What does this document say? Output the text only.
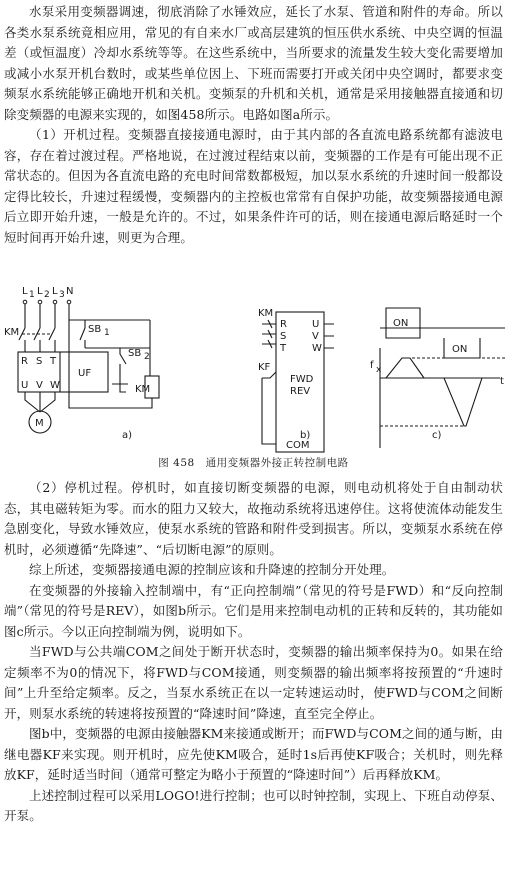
水泵采用变频器调速，彻底消除了水锤效应，延长了水泵、管道和附件的寿命。所以各类水泵系统竟相应用，常见的有自来水厂或高层建筑的恒压供水系统、中央空调的恒温差（或恒温度）冷却水系统等等。在这些系统中，当所要求的流量发生较大变化需要增加或减小水泵开机台数时，或某些单位因上、下班而需要打开或关闭中央空调时，都要求变频泵水系统能够正确地开机和关机。变频泵的升机和关机，通常是采用接触器直接通和切除变频器的电源来实现的，如图458所示。电路如图a所示。

（1）开机过程。变频器直接接通电源时，由于其内部的各直流电路系统都有滤波电容，存在着过渡过程。严格地说，在过渡过程结束以前，变频器的工作是有可能出现不正常状态的。但因为各直流电路的充电时间常数都极短，加以泵水系统的升速时间一般都设定得比较长，升速过程缓慢，变频器内的主控板也常常有自保护功能，故变频器接通电源后立即开始升速，一般是允许的。不过，如果条件许可的话，则在接通电源后略延时一个短时间再开始升速，则更为合理。

L 1 L 2 L 3 N
KM
R S T
U V W
UF
M
SB 1
SB 2
KM
a)
KM
R
S
T
U
V
W
KF
FWD
REV
COM
b)
ON
ON
f x
t
c)
图 458　通用变频器外接正转控制电路

（2）停机过程。停机时，如直接切断变频器的电源，则电动机将处于自由制动状态，其电磁转矩为零。而水的阻力又较大，故拖动系统将迅速停住。这将使流体动能发生急剧变化，导致水锤效应，使泵水系统的管路和附件受到损害。所以，变频泵水系统在停机时，必须遵循“先降速”、“后切断电源”的原则。

综上所述，变频器接通电源的控制应该和升降速的控制分开处理。

在变频器的外接输入控制端中，有“正向控制端”（常见的符号是FWD）和“反向控制端”（常见的符号是REV），如图b所示。它们是用来控制电动机的正转和反转的，其功能如图c所示。今以正向控制端为例，说明如下。

当FWD与公共端COM之间处于断开状态时，变频器的输出频率保持为0。如果在给定频率不为0的情况下，将FWD与COM接通，则变频器的输出频率将按预置的“升速时间”上升至给定频率。反之，当泵水系统正在以一定转速运动时，使FWD与COM之间断开，则泵水系统的转速将按预置的“降速时间”降速，直至完全停止。

图b中，变频器的电源由接触器KM来接通或断开；而FWD与COM之间的通与断，由继电器KF来实现。则开机时，应先使KM吸合，延时1s后再使KF吸合；关机时，则先释放KF，延时适当时间（通常可整定为略小于预置的“降速时间”）后再释放KM。

上述控制过程可以采用LOGO!进行控制；也可以时钟控制，实现上、下班自动停泵、开泵。
